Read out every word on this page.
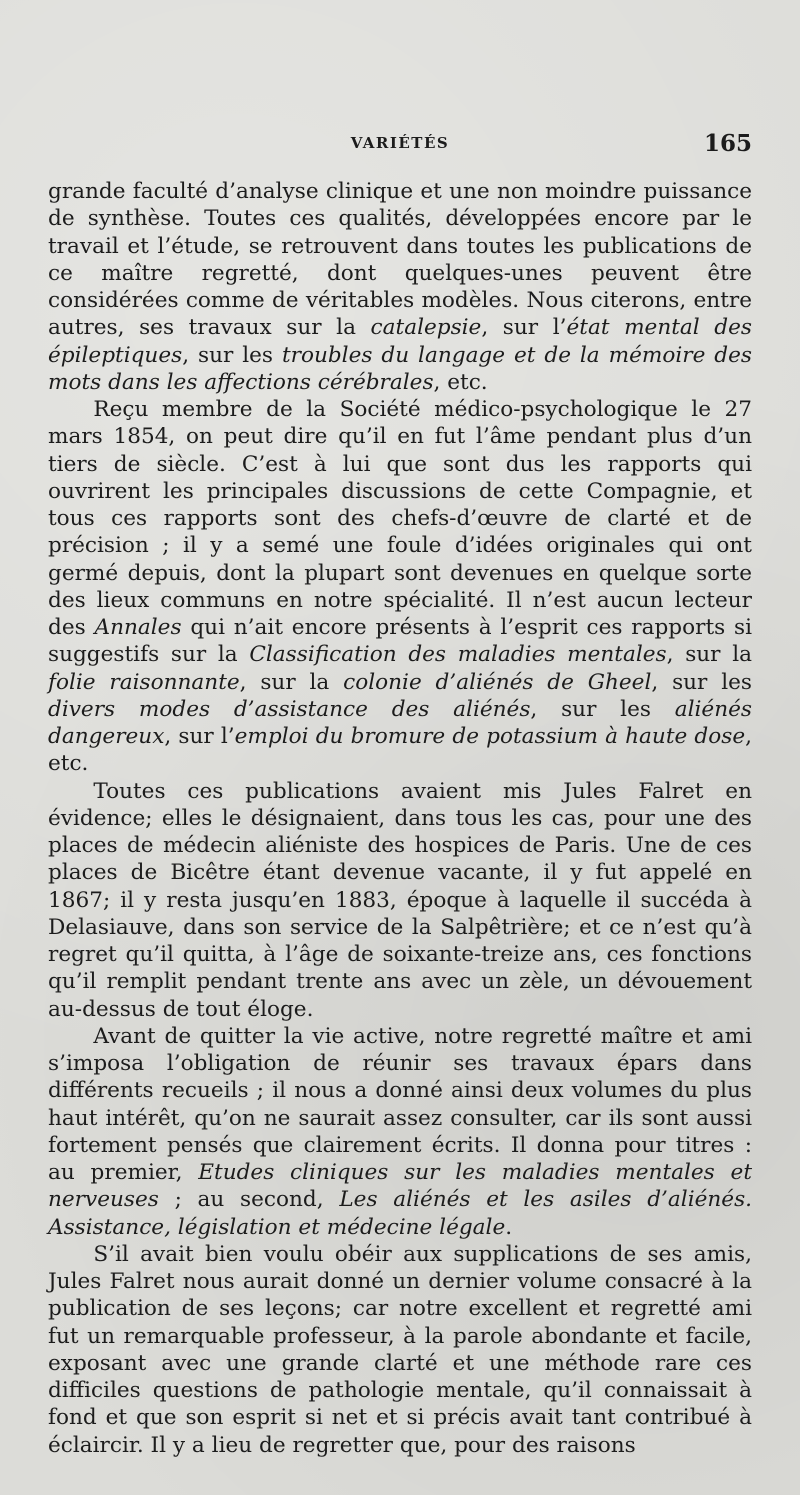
VARIÉTÉS	165

grande faculté d’analyse clinique et une non moindre puissance de synthèse. Toutes ces qualités, développées encore par le travail et l’étude, se retrouvent dans toutes les publications de ce maître regretté, dont quelques-unes peuvent être considérées comme de véritables modèles. Nous citerons, entre autres, ses travaux sur la catalepsie, sur l’état mental des épileptiques, sur les troubles du langage et de la mémoire des mots dans les affections cérébrales, etc.

Reçu membre de la Société médico-psychologique le 27 mars 1854, on peut dire qu’il en fut l’âme pendant plus d’un tiers de siècle. C’est à lui que sont dus les rapports qui ouvrirent les principales discussions de cette Compagnie, et tous ces rapports sont des chefs-d’œuvre de clarté et de précision ; il y a semé une foule d’idées originales qui ont germé depuis, dont la plupart sont devenues en quelque sorte des lieux communs en notre spécialité. Il n’est aucun lecteur des Annales qui n’ait encore présents à l’esprit ces rapports si suggestifs sur la Classification des maladies mentales, sur la folie raisonnante, sur la colonie d’aliénés de Gheel, sur les divers modes d’assistance des aliénés, sur les aliénés dangereux, sur l’emploi du bromure de potassium à haute dose, etc.

Toutes ces publications avaient mis Jules Falret en évidence; elles le désignaient, dans tous les cas, pour une des places de médecin aliéniste des hospices de Paris. Une de ces places de Bicêtre étant devenue vacante, il y fut appelé en 1867; il y resta jusqu’en 1883, époque à laquelle il succéda à Delasiauve, dans son service de la Salpêtrière; et ce n’est qu’à regret qu’il quitta, à l’âge de soixante-treize ans, ces fonctions qu’il remplit pendant trente ans avec un zèle, un dévouement au-dessus de tout éloge.

Avant de quitter la vie active, notre regretté maître et ami s’imposa l’obligation de réunir ses travaux épars dans différents recueils ; il nous a donné ainsi deux volumes du plus haut intérêt, qu’on ne saurait assez consulter, car ils sont aussi fortement pensés que clairement écrits. Il donna pour titres : au premier, Etudes cliniques sur les maladies mentales et nerveuses ; au second, Les aliénés et les asiles d’aliénés. Assistance, législation et médecine légale.

S’il avait bien voulu obéir aux supplications de ses amis, Jules Falret nous aurait donné un dernier volume consacré à la publication de ses leçons; car notre excellent et regretté ami fut un remarquable professeur, à la parole abondante et facile, exposant avec une grande clarté et une méthode rare ces difficiles questions de pathologie mentale, qu’il connaissait à fond et que son esprit si net et si précis avait tant contribué à éclaircir. Il y a lieu de regretter que, pour des raisons
